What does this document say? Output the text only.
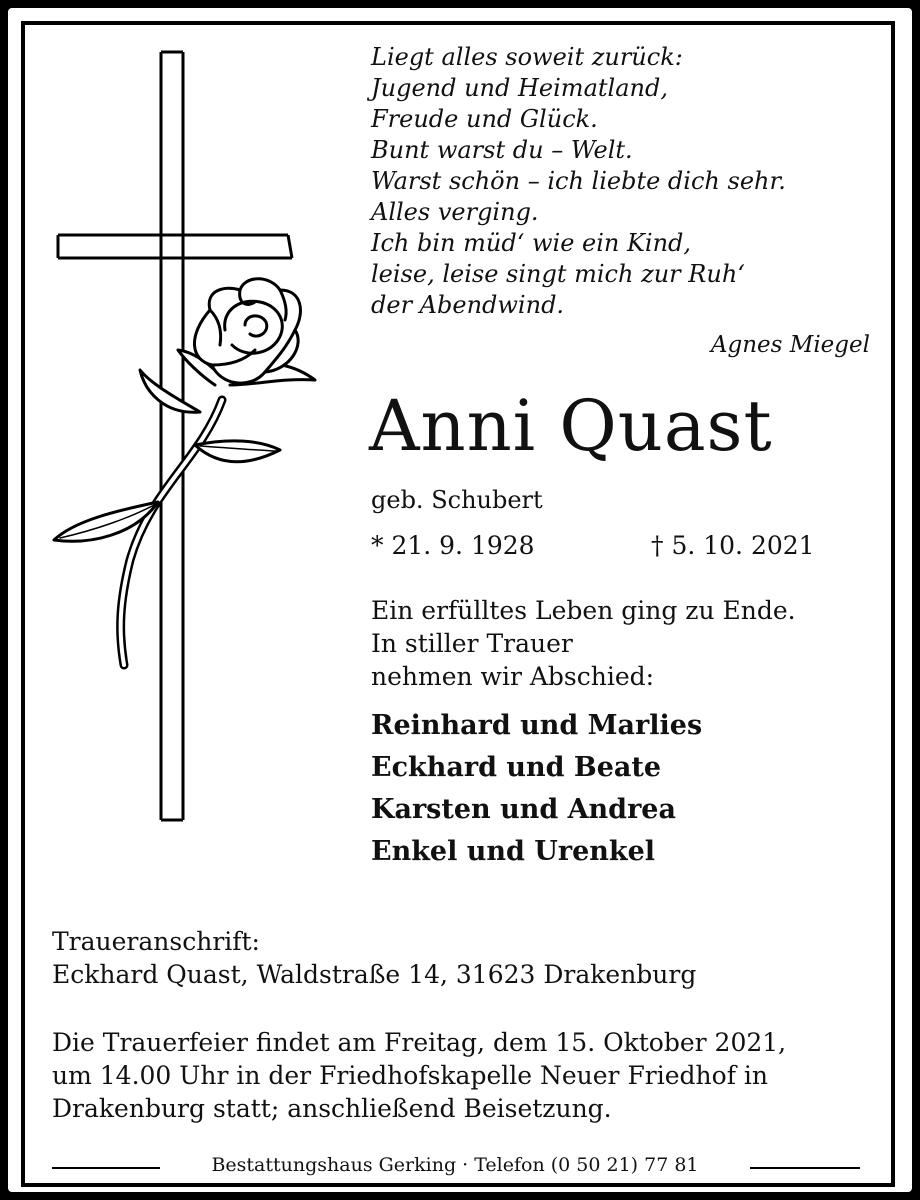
Liegt alles soweit zurück:
Jugend und Heimatland,
Freude und Glück.
Bunt warst du – Welt.
Warst schön – ich liebte dich sehr.
Alles verging.
Ich bin müd‘ wie ein Kind,
leise, leise singt mich zur Ruh‘
der Abendwind.
Agnes Miegel
Anni Quast
geb. Schubert
* 21. 9. 1928	† 5. 10. 2021
Ein erfülltes Leben ging zu Ende.
In stiller Trauer
nehmen wir Abschied:
Reinhard und Marlies
Eckhard und Beate
Karsten und Andrea
Enkel und Urenkel
Traueranschrift:
Eckhard Quast, Waldstraße 14, 31623 Drakenburg
Die Trauerfeier findet am Freitag, dem 15. Oktober 2021,
um 14.00 Uhr in der Friedhofskapelle Neuer Friedhof in
Drakenburg statt; anschließend Beisetzung.
Bestattungshaus Gerking · Telefon (0 50 21) 77 81
